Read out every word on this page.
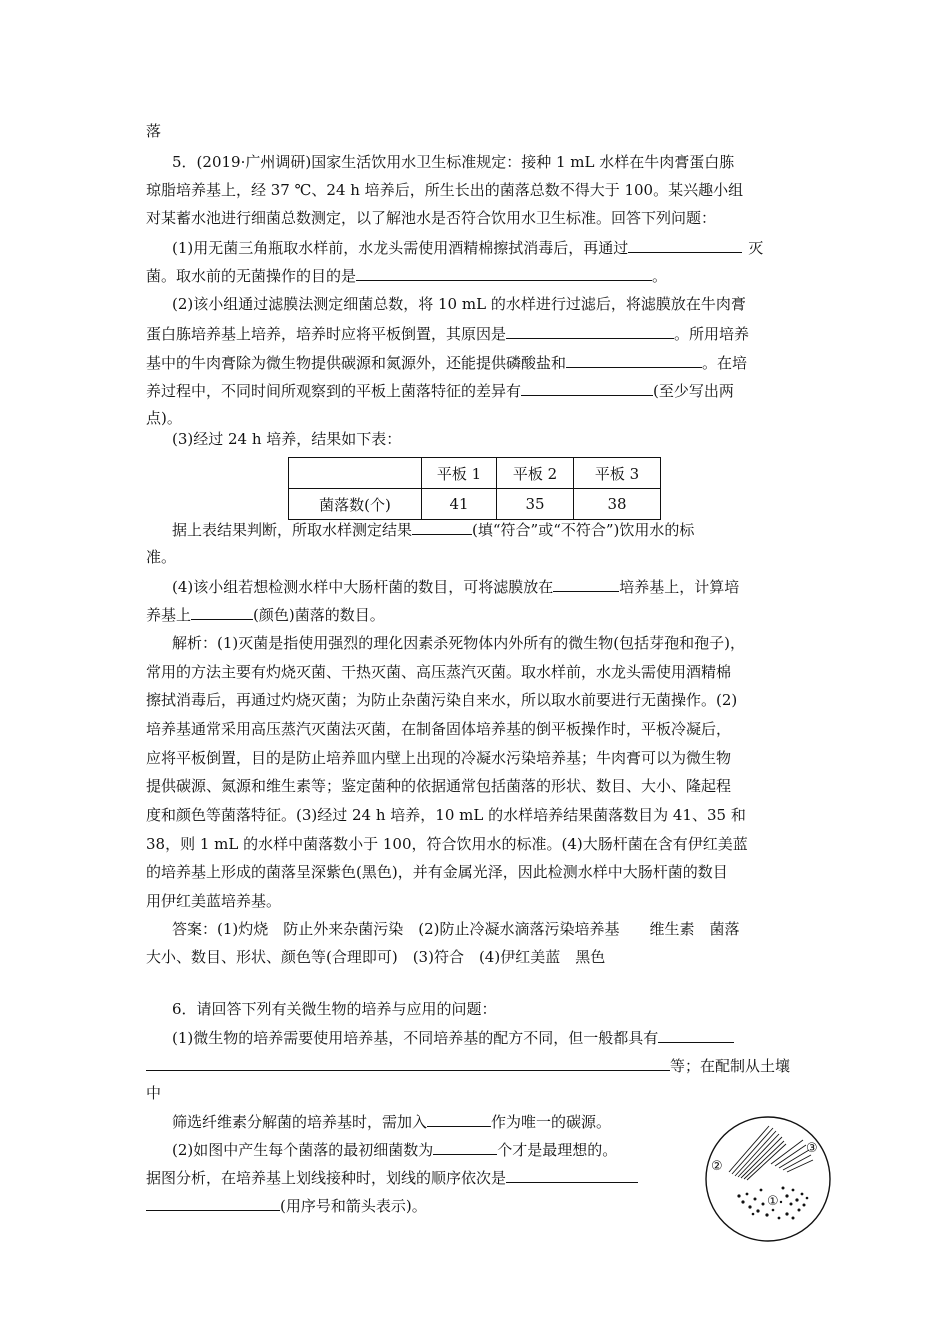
落
5．(2019·广州调研)国家生活饮用水卫生标准规定：接种 1 mL 水样在牛肉膏蛋白胨
琼脂培养基上，经 37 ℃、24 h 培养后，所生长出的菌落总数不得大于 100。某兴趣小组
对某蓄水池进行细菌总数测定，以了解池水是否符合饮用水卫生标准。回答下列问题：
(1)用无菌三角瓶取水样前，水龙头需使用酒精棉擦拭消毒后，再通过	灭
菌。取水前的无菌操作的目的是	。
(2)该小组通过滤膜法测定细菌总数，将 10 mL 的水样进行过滤后，将滤膜放在牛肉膏
蛋白胨培养基上培养，培养时应将平板倒置，其原因是	。所用培养
基中的牛肉膏除为微生物提供碳源和氮源外，还能提供磷酸盐和	。在培
养过程中，不同时间所观察到的平板上菌落特征的差异有	(至少写出两
点)。
(3)经过 24 h 培养，结果如下表：
	平板 1	平板 2	平板 3
菌落数(个)	41	35	38
据上表结果判断，所取水样测定结果	(填“符合”或“不符合”)饮用水的标
准。
(4)该小组若想检测水样中大肠杆菌的数目，可将滤膜放在	培养基上，计算培
养基上	(颜色)菌落的数目。
解析：(1)灭菌是指使用强烈的理化因素杀死物体内外所有的微生物(包括芽孢和孢子)，
常用的方法主要有灼烧灭菌、干热灭菌、高压蒸汽灭菌。取水样前，水龙头需使用酒精棉
擦拭消毒后，再通过灼烧灭菌；为防止杂菌污染自来水，所以取水前要进行无菌操作。(2)
培养基通常采用高压蒸汽灭菌法灭菌，在制备固体培养基的倒平板操作时，平板冷凝后，
应将平板倒置，目的是防止培养皿内壁上出现的冷凝水污染培养基；牛肉膏可以为微生物
提供碳源、氮源和维生素等；鉴定菌种的依据通常包括菌落的形状、数目、大小、隆起程
度和颜色等菌落特征。(3)经过 24 h 培养，10 mL 的水样培养结果菌落数目为 41、35 和
38，则 1 mL 的水样中菌落数小于 100，符合饮用水的标准。(4)大肠杆菌在含有伊红美蓝
的培养基上形成的菌落呈深紫色(黑色)，并有金属光泽，因此检测水样中大肠杆菌的数目
用伊红美蓝培养基。
答案：(1)灼烧　防止外来杂菌污染　(2)防止冷凝水滴落污染培养基　　维生素　菌落
大小、数目、形状、颜色等(合理即可)　(3)符合　(4)伊红美蓝　黑色
6．请回答下列有关微生物的培养与应用的问题：
(1)微生物的培养需要使用培养基，不同培养基的配方不同，但一般都具有
等；在配制从土壤
中
筛选纤维素分解菌的培养基时，需加入	作为唯一的碳源。
(2)如图中产生每个菌落的最初细菌数为	个才是最理想的。
据图分析，在培养基上划线接种时，划线的顺序依次是
(用序号和箭头表示)。	①
②
③
